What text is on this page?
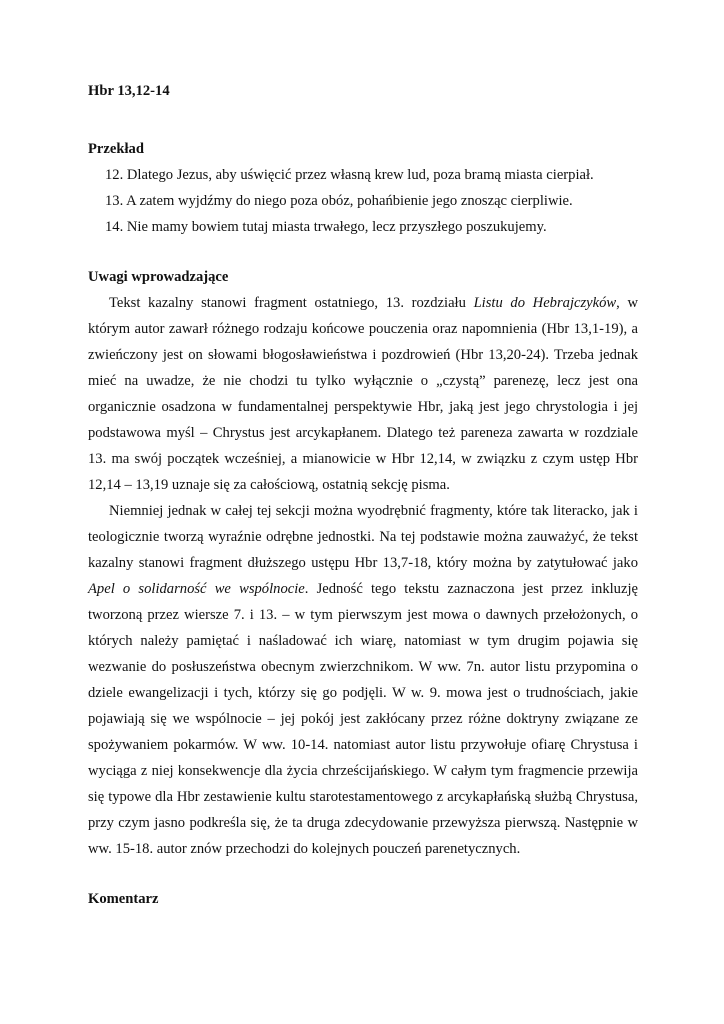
Hbr 13,12-14

Przekład

12. Dlatego Jezus, aby uświęcić przez własną krew lud, poza bramą miasta cierpiał.

13. A zatem wyjdźmy do niego poza obóz, pohańbienie jego znosząc cierpliwie.

14. Nie mamy bowiem tutaj miasta trwałego, lecz przyszłego poszukujemy.

Uwagi wprowadzające

Tekst kazalny stanowi fragment ostatniego, 13. rozdziału Listu do Hebrajczyków, w którym autor zawarł różnego rodzaju końcowe pouczenia oraz napomnienia (Hbr 13,1-19), a zwieńczony jest on słowami błogosławieństwa i pozdrowień (Hbr 13,20-24). Trzeba jednak mieć na uwadze, że nie chodzi tu tylko wyłącznie o „czystą” parenezę, lecz jest ona organicznie osadzona w fundamentalnej perspektywie Hbr, jaką jest jego chrystologia i jej podstawowa myśl – Chrystus jest arcykapłanem. Dlatego też pareneza zawarta w rozdziale 13. ma swój początek wcześniej, a mianowicie w Hbr 12,14, w związku z czym ustęp Hbr 12,14 – 13,19 uznaje się za całościową, ostatnią sekcję pisma.

Niemniej jednak w całej tej sekcji można wyodrębnić fragmenty, które tak literacko, jak i teologicznie tworzą wyraźnie odrębne jednostki. Na tej podstawie można zauważyć, że tekst kazalny stanowi fragment dłuższego ustępu Hbr 13,7-18, który można by zatytułować jako Apel o solidarność we wspólnocie. Jedność tego tekstu zaznaczona jest przez inkluzję tworzoną przez wiersze 7. i 13. – w tym pierwszym jest mowa o dawnych przełożonych, o których należy pamiętać i naśladować ich wiarę, natomiast w tym drugim pojawia się wezwanie do posłuszeństwa obecnym zwierzchnikom. W ww. 7n. autor listu przypomina o dziele ewangelizacji i tych, którzy się go podjęli. W w. 9. mowa jest o trudnościach, jakie pojawiają się we wspólnocie – jej pokój jest zakłócany przez różne doktryny związane ze spożywaniem pokarmów. W ww. 10-14. natomiast autor listu przywołuje ofiarę Chrystusa i wyciąga z niej konsekwencje dla życia chrześcijańskiego. W całym tym fragmencie przewija się typowe dla Hbr zestawienie kultu starotestamentowego z arcykapłańską służbą Chrystusa, przy czym jasno podkreśla się, że ta druga zdecydowanie przewyższa pierwszą. Następnie w ww. 15-18. autor znów przechodzi do kolejnych pouczeń parenetycznych.

Komentarz
